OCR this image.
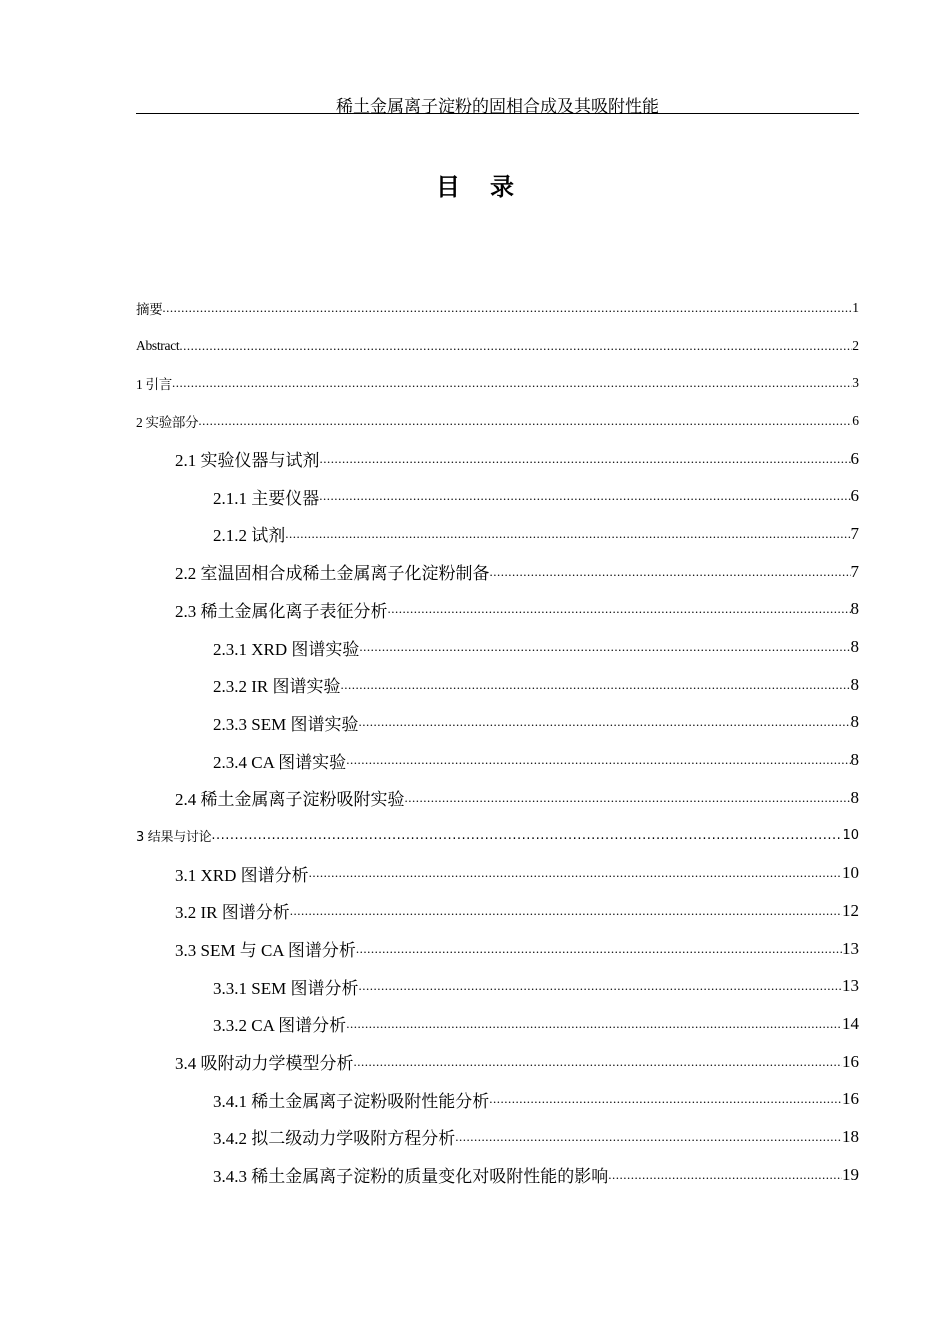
稀土金属离子淀粉的固相合成及其吸附性能
目录
摘要 .....	1
Abstract .....	2
1 引言 .....	3
2 实验部分 .....	6
2.1 实验仪器与试剂 .....	6
2.1.1 主要仪器 .....	6
2.1.2 试剂 .....	7
2.2 室温固相合成稀土金属离子化淀粉制备 .....	7
2.3 稀土金属化离子表征分析 .....	8
2.3.1 XRD 图谱实验 .....	8
2.3.2 IR 图谱实验 .....	8
2.3.3 SEM 图谱实验 .....	8
2.3.4 CA 图谱实验 .....	8
2.4 稀土金属离子淀粉吸附实验 .....	8
3 结果与讨论 .....	10
3.1 XRD 图谱分析 .....	10
3.2 IR 图谱分析 .....	12
3.3 SEM 与 CA 图谱分析 .....	13
3.3.1 SEM 图谱分析 .....	13
3.3.2 CA 图谱分析 .....	14
3.4 吸附动力学模型分析 .....	16
3.4.1 稀土金属离子淀粉吸附性能分析 .....	16
3.4.2 拟二级动力学吸附方程分析 .....	18
3.4.3 稀土金属离子淀粉的质量变化对吸附性能的影响 .....	19
